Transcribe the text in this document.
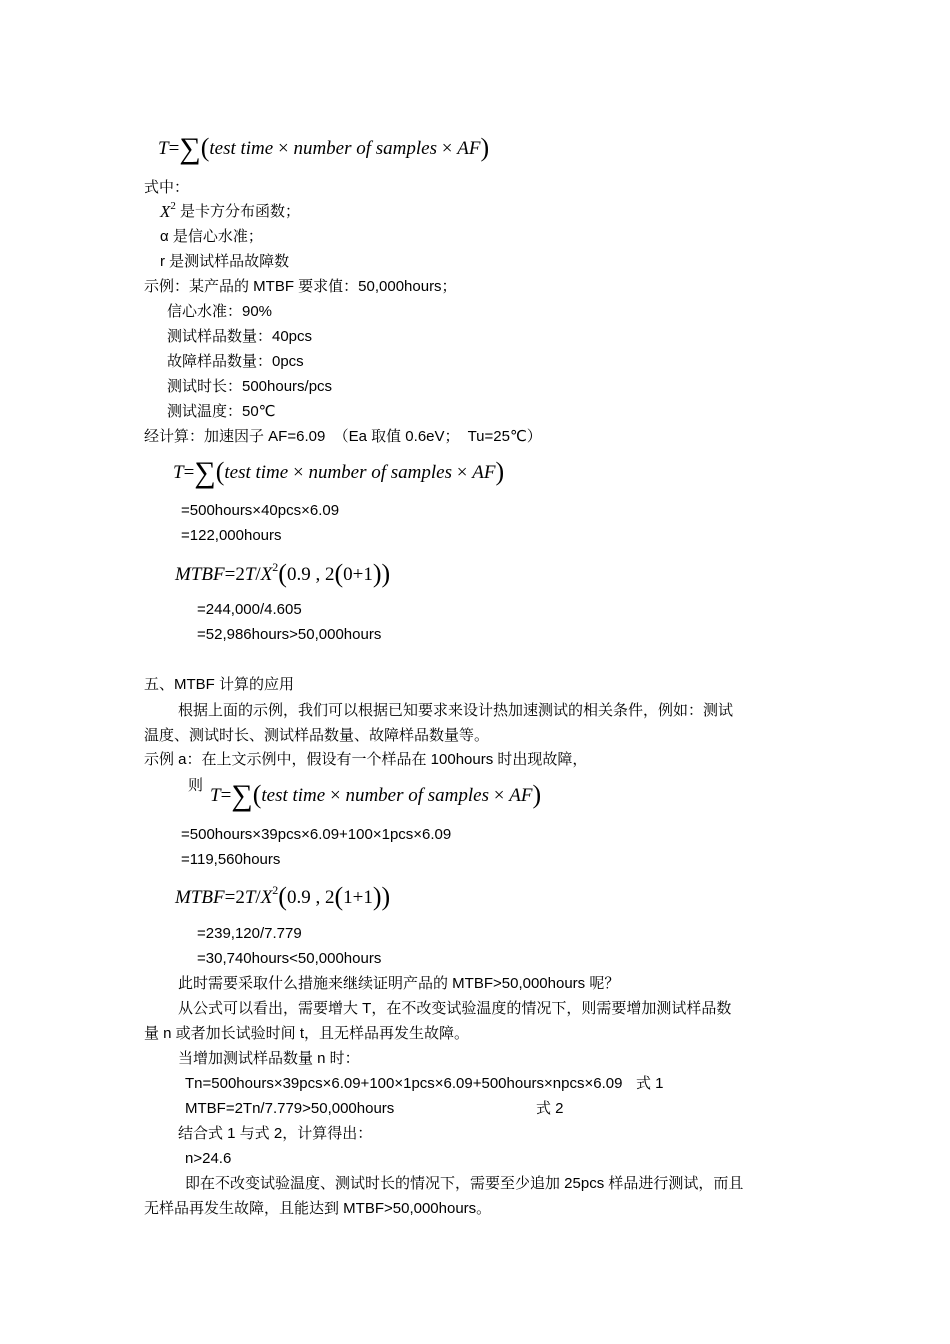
T=∑(test time × number of samples × AF)
式中：
$X^2$ 是卡方分布函数；
α 是信心水准；
r 是测试样品故障数
示例：某产品的 MTBF 要求值：50,000hours；
信心水准：90%
测试样品数量：40pcs
故障样品数量：0pcs
测试时长：500hours/pcs
测试温度：50℃
经计算：加速因子 AF=6.09  （Ea 取值 0.6eV；  Tu=25℃）
T=∑(test time × number of samples × AF)
=500hours×40pcs×6.09
=122,000hours
$MTBF=2T/X^2(0.9$ , 2(0+1))
=244,000/4.605
=52,986hours>50,000hours
五、MTBF 计算的应用
根据上面的示例，我们可以根据已知要求来设计热加速测试的相关条件，例如：测试
温度、测试时长、测试样品数量、故障样品数量等。
示例 a：在上文示例中，假设有一个样品在 100hours 时出现故障，
则 T=∑(test time × number of samples × AF)
=500hours×39pcs×6.09+100×1pcs×6.09
=119,560hours
$MTBF=2T/X^2(0.9$ , 2(1+1))
=239,120/7.779
=30,740hours<50,000hours
此时需要采取什么措施来继续证明产品的 MTBF>50,000hours 呢？
从公式可以看出，需要增大 T，在不改变试验温度的情况下，则需要增加测试样品数
量 n 或者加长试验时间 t，且无样品再发生故障。
当增加测试样品数量 n 时：
Tn=500hours×39pcs×6.09+100×1pcs×6.09+500hours×npcs×6.09 式 1
MTBF=2Tn/7.779>50,000hours	式 2
结合式 1 与式 2，计算得出：
n>24.6
即在不改变试验温度、测试时长的情况下，需要至少追加 25pcs 样品进行测试，而且
无样品再发生故障，且能达到 MTBF>50,000hours。
